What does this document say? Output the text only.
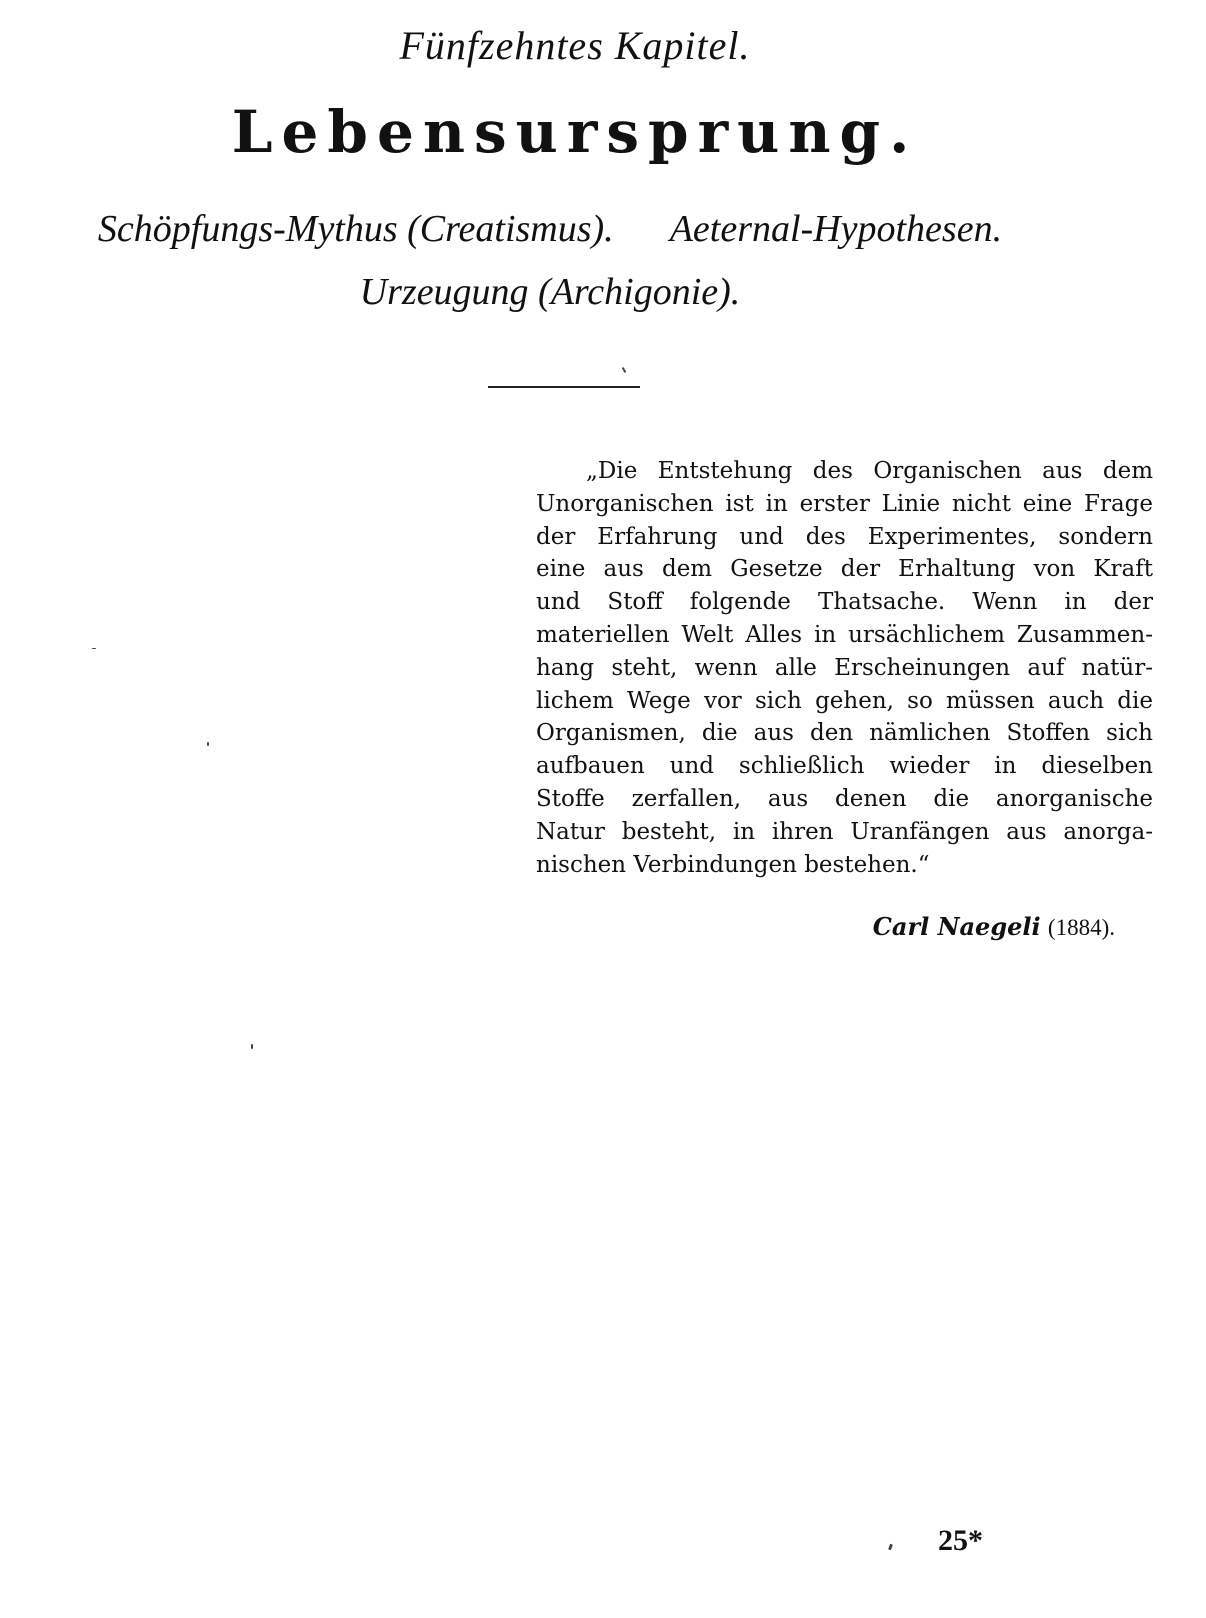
Fünfzehntes Kapitel.
Lebensursprung.
Schöpfungs-Mythus (Creatismus). Aeternal-Hypothesen.
Urzeugung (Archigonie).
„Die Entstehung des Organischen aus dem
Unorganischen ist in erster Linie nicht eine Frage
der Erfahrung und des Experimentes, sondern
eine aus dem Gesetze der Erhaltung von Kraft
und Stoff folgende Thatsache. Wenn in der
materiellen Welt Alles in ursächlichem Zusammen-
hang steht, wenn alle Erscheinungen auf natür-
lichem Wege vor sich gehen, so müssen auch die
Organismen, die aus den nämlichen Stoffen sich
aufbauen und schließlich wieder in dieselben
Stoffe zerfallen, aus denen die anorganische
Natur besteht, in ihren Uranfängen aus anorga-
nischen Verbindungen bestehen.“
Carl Naegeli (1884).
25*
